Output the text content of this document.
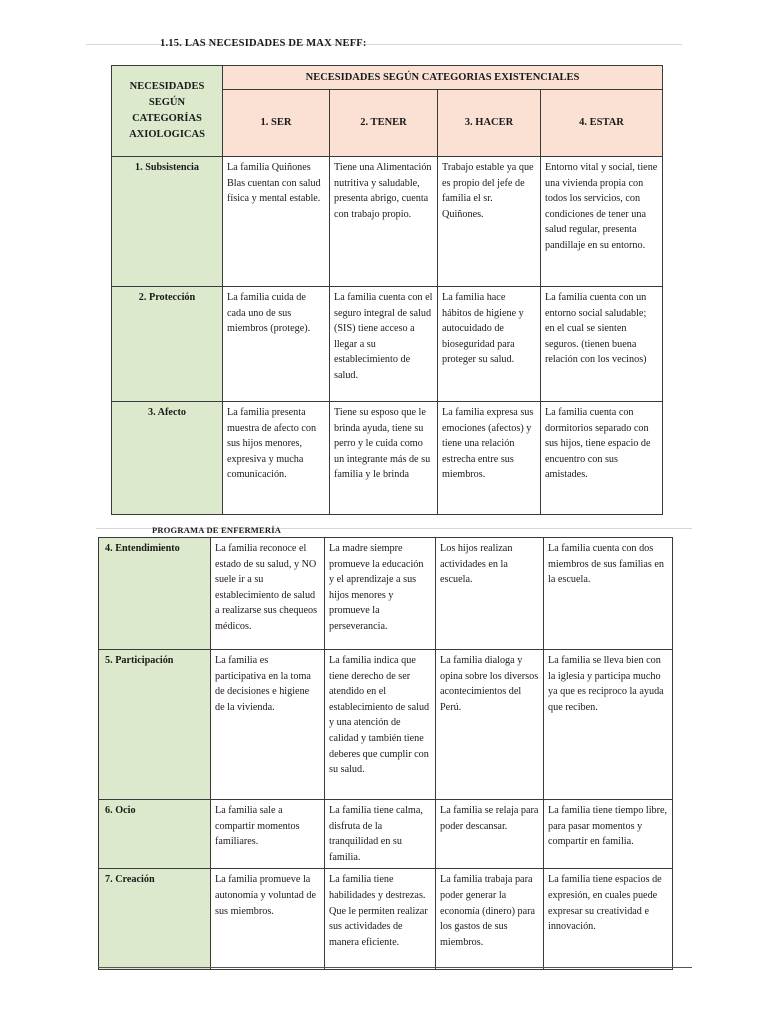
1.15. LAS NECESIDADES DE MAX NEFF:
NECESIDADES SEGÚN CATEGORÍAS AXIOLOGICAS	NECESIDADES SEGÚN CATEGORIAS EXISTENCIALES			
	1. SER	2. TENER	3. HACER	4. ESTAR
1. Subsistencia	La familia Quiñones Blas cuentan con salud física y mental estable.	Tiene una Alimentación nutritiva y saludable, presenta abrigo, cuenta con trabajo propio.	Trabajo estable ya que es propio del jefe de familia el sr. Quiñones.	Entorno vital y social, tiene una vivienda propia con todos los servicios, con condiciones de tener una salud regular, presenta pandillaje en su entorno.
2. Protección	La familia cuida de cada uno de sus miembros (protege).	La familia cuenta con el seguro integral de salud (SIS) tiene acceso a llegar a su establecimiento de salud.	La familia hace hábitos de higiene y autocuidado de bioseguridad para proteger su salud.	La familia cuenta con un entorno social saludable; en el cual se sienten seguros. (tienen buena relación con los vecinos)
3. Afecto	La familia presenta muestra de afecto con sus hijos menores, expresiva y mucha comunicación.	Tiene su esposo que le brinda ayuda, tiene su perro y le cuida como un integrante más de su familia y le brinda	La familia expresa sus emociones (afectos) y tiene una relación estrecha entre sus miembros.	La familia cuenta con dormitorios separado con sus hijos, tiene espacio de encuentro con sus amistades.
PROGRAMA DE ENFERMERÍA
4. Entendimiento	La familia reconoce el estado de su salud, y NO suele ir a su establecimiento de salud a realizarse sus chequeos médicos.	La madre siempre promueve la educación y el aprendizaje a sus hijos menores y promueve la perseverancia.	Los hijos realizan actividades en la escuela.	La familia cuenta con dos miembros de sus familias en la escuela.
5. Participación	La familia es participativa en la toma de decisiones e higiene de la vivienda.	La familia indica que tiene derecho de ser atendido en el establecimiento de salud y una atención de calidad y también tiene deberes que cumplir con su salud.	La familia dialoga y opina sobre los diversos acontecimientos del Perú.	La familia se lleva bien con la iglesia y participa mucho ya que es reciproco la ayuda que reciben.
6. Ocio	La familia sale a compartir momentos familiares.	La familia tiene calma, disfruta de la tranquilidad en su familia.	La familia se relaja para poder descansar.	La familia tiene tiempo libre, para pasar momentos y compartir en familia.
7. Creación	La familia promueve la autonomía y voluntad de sus miembros.	La familia tiene habilidades y destrezas. Que le permiten realizar sus actividades de manera eficiente.	La familia trabaja para poder generar la economía (dinero) para los gastos de sus miembros.	La familia tiene espacios de expresión, en cuales puede expresar su creatividad e innovación.
